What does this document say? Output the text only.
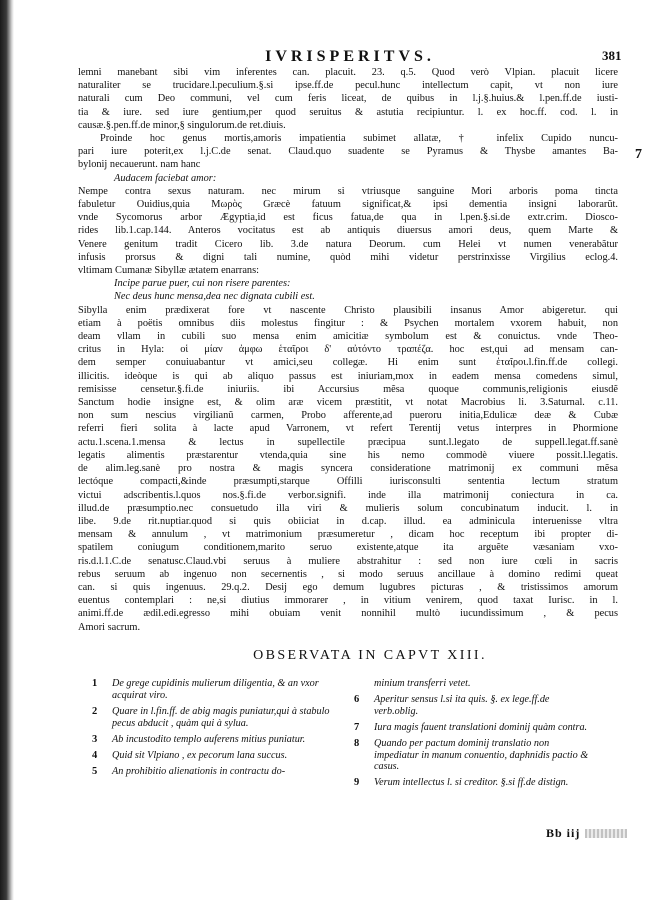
IVRISPERITVS.	381
lemni manebant sibi vim inferentes can. placuit. 23. q.5. Quod verò Vlpian. placuit licere
naturaliter se trucidare.l.peculium.§.si ipse.ff.de pecul.hunc intellectum capit, vt non iure
naturali cum Deo communi, vel cum feris liceat, de quibus in l.j.§.huius.& l.pen.ff.de iusti-
tia & iure. sed iure gentium,per quod seruitus & astutia recipiuntur. l. ex hoc.ff. cod. l. in
causæ.§.pen.ff.de minor,§ singulorum.de ret.diuis.
Proinde hoc genus mortis,amoris impatientia subimet allatæ, † infelix Cupido nuncu-
pari iure poterit,ex l.j.C.de senat. Claud.quo suadente se Pyramus & Thysbe amantes Ba-
bylonij necauerunt. nam hanc
Audacem faciebat amor:
Nempe contra sexus naturam. nec mirum si vtriusque sanguine Mori arboris poma tincta
fabuletur Ouidius,quia Μωρὸς Græcè fatuum significat,& ipsi dementia insigni laborarũt.
vnde Sycomorus arbor Ægyptia,id est ficus fatua,de qua in l.pen.§.si.de extr.crim. Diosco-
rides lib.1.cap.144. Anteros vocitatus est ab antiquis diuersus amori deus, quem Marte &
Venere genitum tradit Cicero lib. 3.de natura Deorum. cum Helei vt numen venerabãtur
infusis prorsus & digni tali numine, quòd mihi videtur perstrinxisse Virgilius eclog.4.
vltimam Cumanæ Sibyllæ ætatem enarrans:
Incipe parue puer, cui non risere parentes:
Nec deus hunc mensa,dea nec dignata cubili est.
Sibylla enim prædixerat fore vt nascente Christo plausibili insanus Amor abigeretur. qui
etiam à poëtis omnibus diis molestus fingitur : & Psychen mortalem vxorem habuit, non
deam vllam in cubili suo mensa enim amicitiæ symbolum est & conuictus. vnde Theo-
critus in Hyla: οἱ μίαν ἀμφω ἑταῖροι δ' αὐτόντο τραπέζα. hoc est,qui ad mensam can-
dem semper conuiuabantur vt amici,seu collegæ. Hi enim sunt ἑταῖροι.l.fin.ff.de collegi.
illicitis. ideòque is qui ab aliquo passus est iniuriam,mox in eadem mensa comedens simul,
remisisse censetur.§.fi.de iniuriis. ibi Accursius mẽsa quoque communis,religionis eiusdẽ
Sanctum hodie insigne est, & olim aræ vicem præstitit, vt notat Macrobius li. 3.Saturnal. c.11.
non sum nescius virgilianũ carmen, Probo afferente,ad pueroru initia,Edulicæ deæ & Cubæ
referri fieri solita à lacte apud Varronem, vt refert Terentij vetus interpres in Phormione
actu.1.scena.1.mensa & lectus in supellectile præcipua sunt.l.legato de suppell.legat.ff.sanè
legatis alimentis præstarentur vtenda,quia sine his nemo commodè viuere possit.l.legatis.
de alim.leg.sanè pro nostra & magis syncera consideratione matrimonij ex communi mẽsa
lectóque compacti,&inde præsumpti,starque Offilli iurisconsulti sententia lectum stratum
victui adscribentis.l.quos nos.§.fi.de verbor.signifi. inde illa matrimonij coniectura in ca.
illud.de præsumptio.nec consuetudo illa viri & mulieris solum concubinatum inducit. l. in
libe. 9.de rit.nuptiar.quod si quis obiiciat in d.cap. illud. ea adminicula interuenisse vltra
mensam & annulum , vt matrimonium præsumeretur , dicam hoc receptum ibi propter di-
spatilem coniugum conditionem,marito seruo existente,atque ita arguẽte væsaniam vxo-
ris.d.l.1.C.de senatusc.Claud.vbi seruus à muliere abstrahitur : sed non iure cœli in sacris
rebus seruum ab ingenuo non secernentis , si modo seruus ancillaue à domino redimi queat
can. si quis ingenuus. 29.q.2. Desij ego demum lugubres picturas , & tristissimos amorum
euentus contemplari : ne,si diutius immorarer , in vitium venirem, quod taxat Iurisc. in l.
animi.ff.de ædil.edi.egresso mihi obuiam venit nonnihil multò iucundissimum , & pecus
Amori sacrum.
7
OBSERVATA IN CAPVT XIII.
1 De grege cupidinis mulierum diligentia, & an vxor acquirat viro.
2 Quare in l.fin.ff. de abig magis puniatur,qui à stabulo pecus abducit , quàm qui à sylua.
3 Ab incustodito templo auferens mitius puniatur.
4 Quid sit Vlpiano , ex pecorum lana succus.
5 An prohibitio alienationis in contractu do-
minium transferri vetet.
6 Aperitur sensus l.si ita quis. §. ex lege.ff.de verb.oblig.
7 Iura magis fauent translationi dominij quàm contra.
8 Quando per pactum dominij translatio non impediatur in manum conuentio, daphnidis pactio & casus.
9 Verum intellectus l. si creditor. §.si ff.de distign.
Bb iij
